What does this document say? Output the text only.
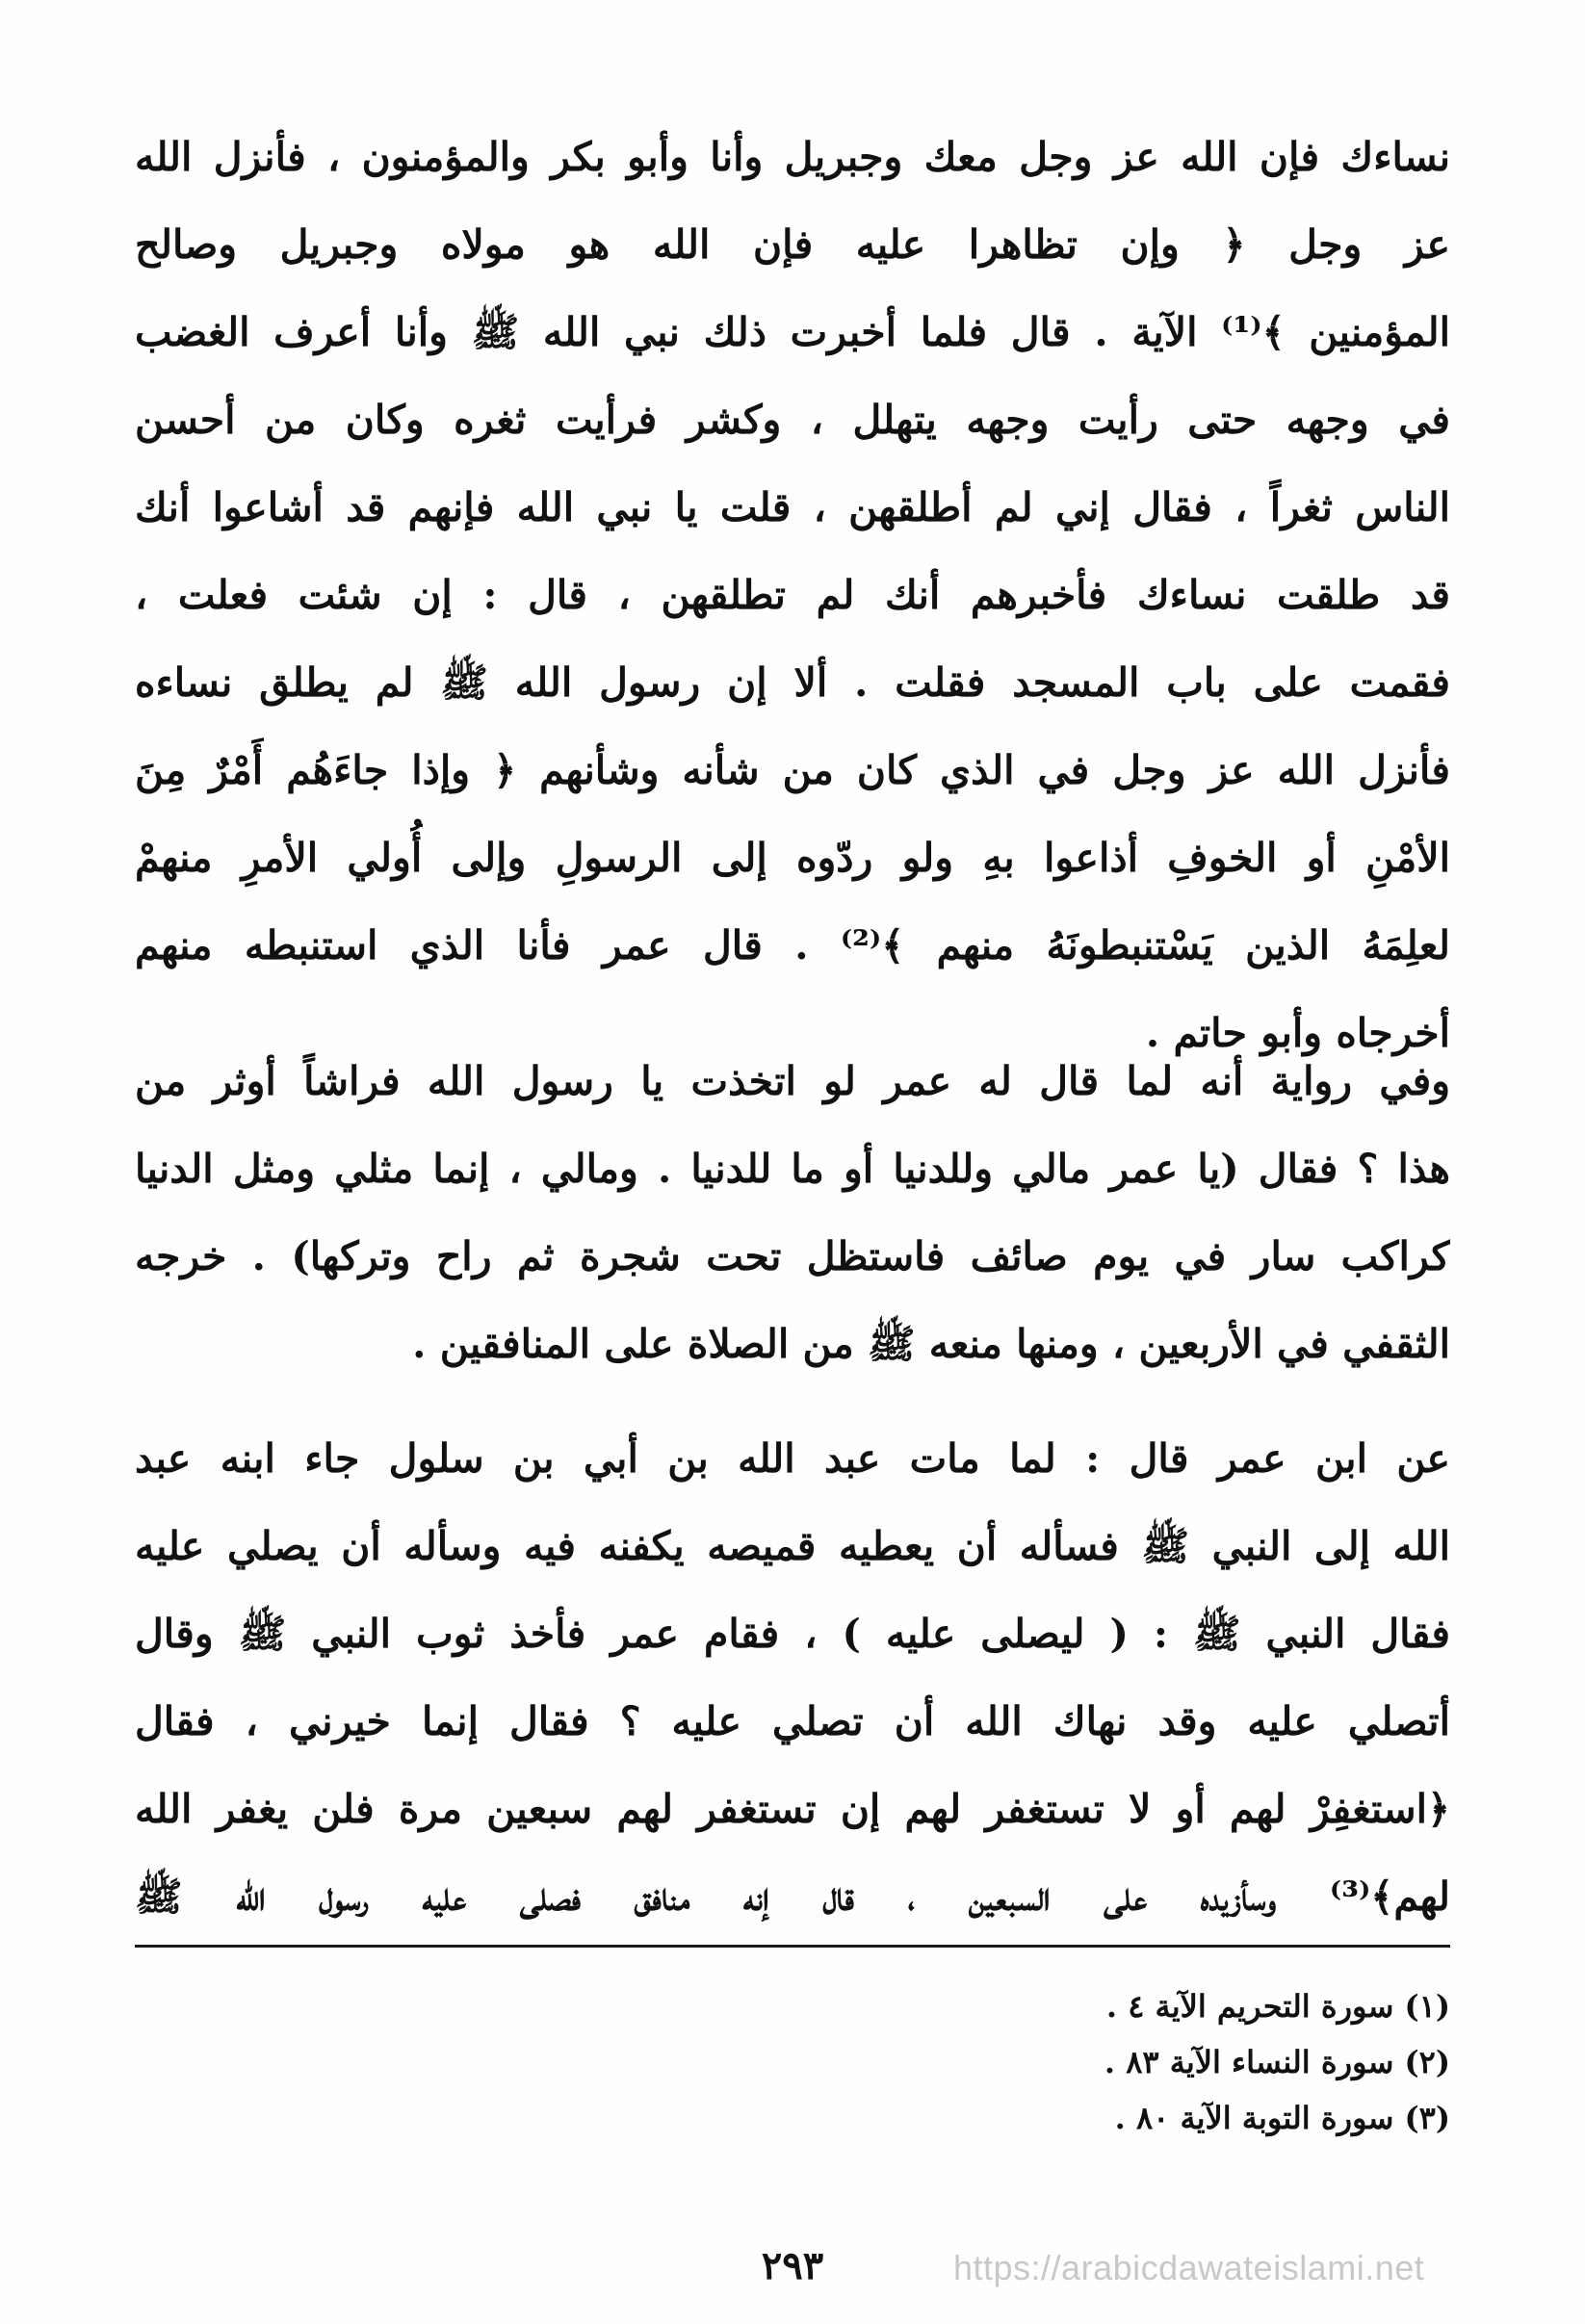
نساءك فإن الله عز وجل معك وجبريل وأنا وأبو بكر والمؤمنون ، فأنزل الله
عز وجل ﴿ وإن تظاهرا عليه فإن الله هو مولاه وجبريل وصالح
المؤمنين ﴾⁽¹⁾ الآية . قال فلما أخبرت ذلك نبي الله ﷺ وأنا أعرف الغضب
في وجهه حتى رأيت وجهه يتهلل ، وكشر فرأيت ثغره وكان من أحسن
الناس ثغراً ، فقال إني لم أطلقهن ، قلت يا نبي الله فإنهم قد أشاعوا أنك
قد طلقت نساءك فأخبرهم أنك لم تطلقهن ، قال : إن شئت فعلت ،
فقمت على باب المسجد فقلت . ألا إن رسول الله ﷺ لم يطلق نساءه
فأنزل الله عز وجل في الذي كان من شأنه وشأنهم ﴿ وإذا جاءَهُم أَمْرٌ مِنَ
الأمْنِ أو الخوفِ أذاعوا بهِ ولو ردّوه إلى الرسولِ وإلى أُولي الأمرِ منهمْ
لعلِمَهُ الذين يَسْتنبطونَهُ منهم ﴾⁽²⁾ . قال عمر فأنا الذي استنبطه منهم
أخرجاه وأبو حاتم .
وفي رواية أنه لما قال له عمر لو اتخذت يا رسول الله فراشاً أوثر من
هذا ؟ فقال (يا عمر مالي وللدنيا أو ما للدنيا . ومالي ، إنما مثلي ومثل الدنيا
كراكب سار في يوم صائف فاستظل تحت شجرة ثم راح وتركها) . خرجه
الثقفي في الأربعين ، ومنها منعه ﷺ من الصلاة على المنافقين .
عن ابن عمر قال : لما مات عبد الله بن أبي بن سلول جاء ابنه عبد
الله إلى النبي ﷺ فسأله أن يعطيه قميصه يكفنه فيه وسأله أن يصلي عليه
فقال النبي ﷺ : ( ليصلى عليه ) ، فقام عمر فأخذ ثوب النبي ﷺ وقال
أتصلي عليه وقد نهاك الله أن تصلي عليه ؟ فقال إنما خيرني ، فقال
﴿استغفِرْ لهم أو لا تستغفر لهم إن تستغفر لهم سبعين مرة فلن يغفر الله
لهم﴾⁽³⁾ وسأزيده على السبعين ، قال إنه منافق فصلى عليه رسول الله ﷺ
(١) سورة التحريم الآية ٤ .
(٢) سورة النساء الآية ٨٣ .
(٣) سورة التوبة الآية ٨٠ .
٢٩٣	https://arabicdawateislami.net
